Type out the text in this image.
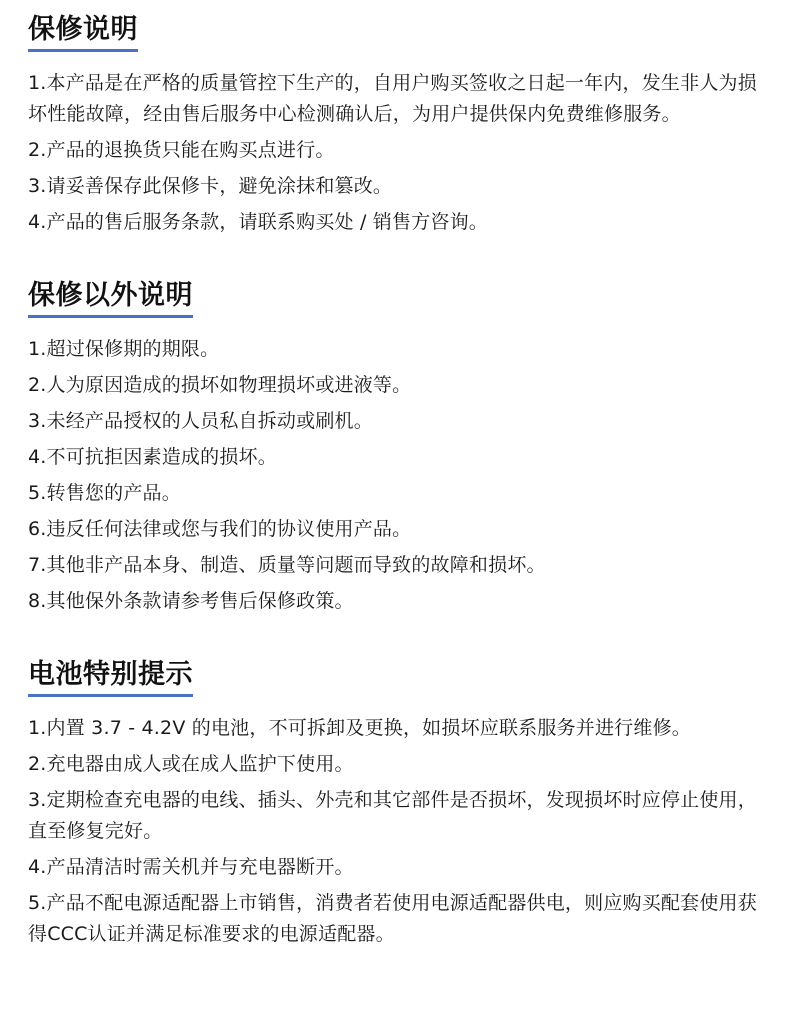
保修说明
1.本产品是在严格的质量管控下生产的，自用户购买签收之日起一年内，发生非人为损坏性能故障，经由售后服务中心检测确认后，为用户提供保内免费维修服务。
2.产品的退换货只能在购买点进行。
3.请妥善保存此保修卡，避免涂抹和篡改。
4.产品的售后服务条款，请联系购买处 / 销售方咨询。
保修以外说明
1.超过保修期的期限。
2.人为原因造成的损坏如物理损坏或进液等。
3.未经产品授权的人员私自拆动或刷机。
4.不可抗拒因素造成的损坏。
5.转售您的产品。
6.违反任何法律或您与我们的协议使用产品。
7.其他非产品本身、制造、质量等问题而导致的故障和损坏。
8.其他保外条款请参考售后保修政策。
电池特别提示
1.内置 3.7 - 4.2V 的电池，不可拆卸及更换，如损坏应联系服务并进行维修。
2.充电器由成人或在成人监护下使用。
3.定期检查充电器的电线、插头、外壳和其它部件是否损坏，发现损坏时应停止使用，直至修复完好。
4.产品清洁时需关机并与充电器断开。
5.产品不配电源适配器上市销售，消费者若使用电源适配器供电，则应购买配套使用获得CCC认证并满足标准要求的电源适配器。
